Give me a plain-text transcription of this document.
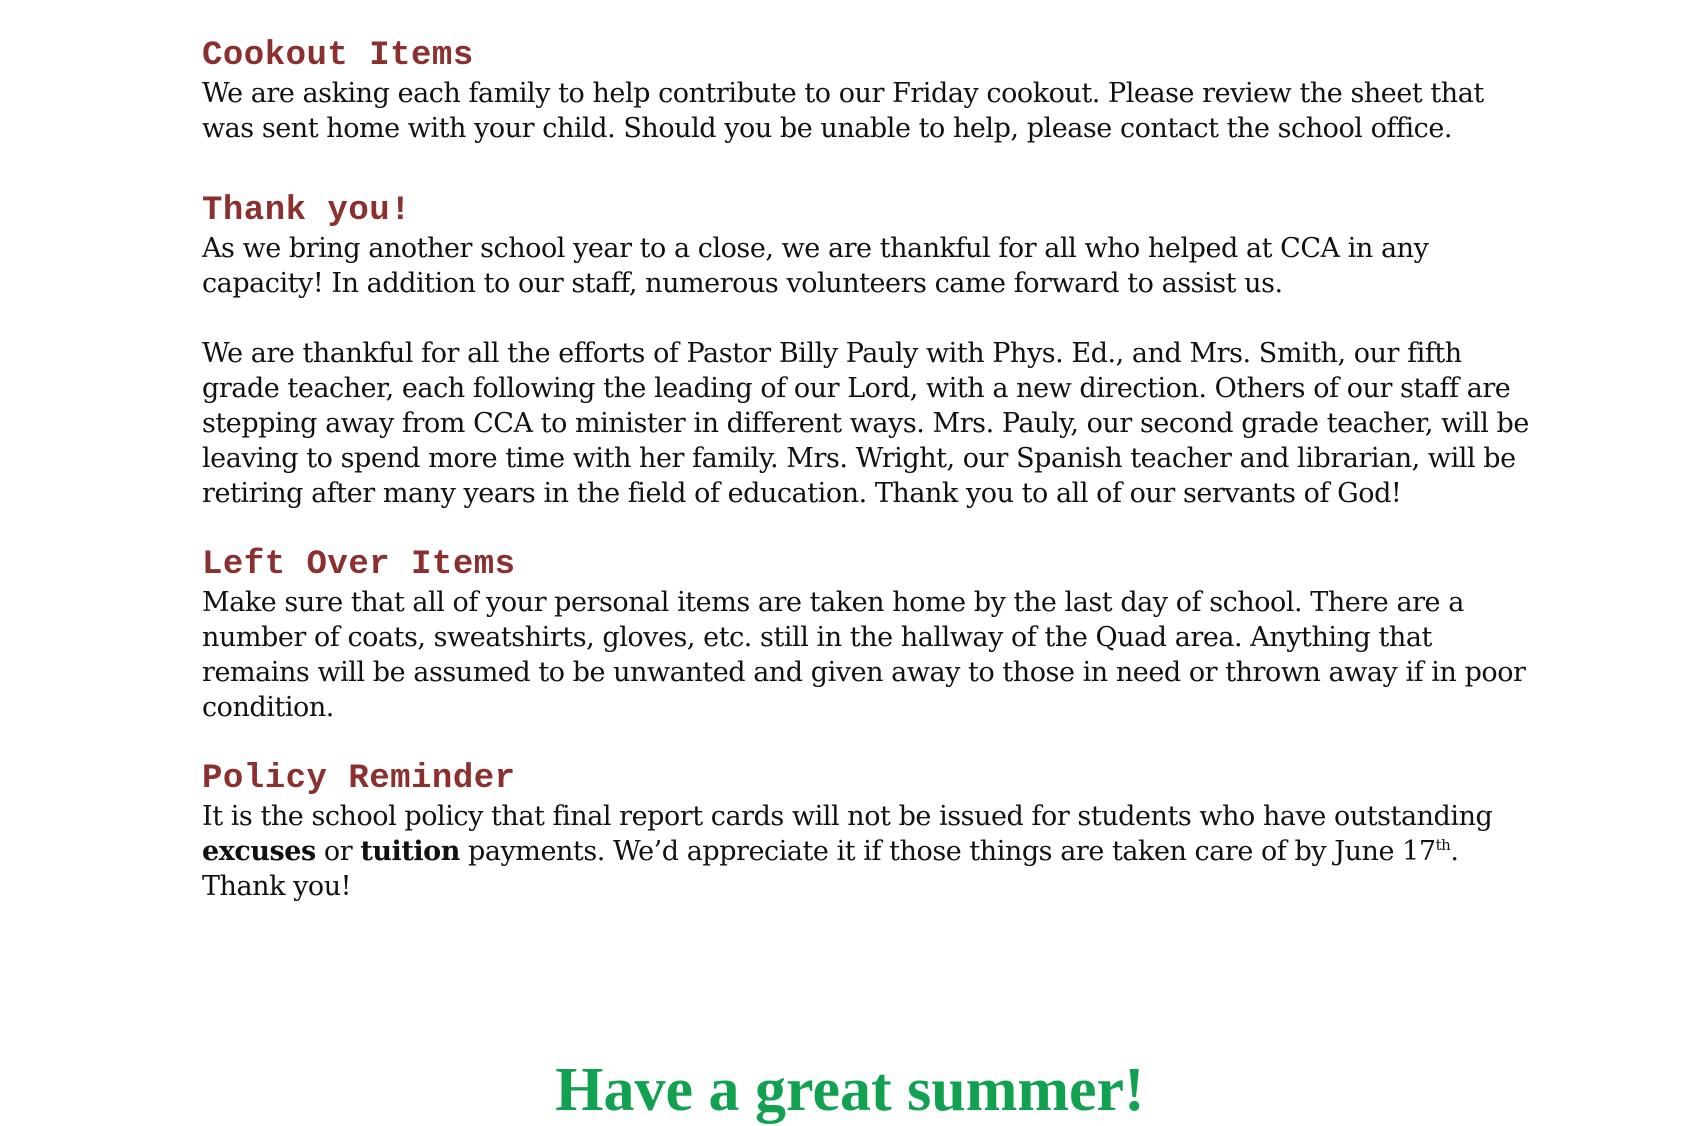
Cookout Items

We are asking each family to help contribute to our Friday cookout. Please review the sheet that was sent home with your child. Should you be unable to help, please contact the school office.

Thank you!

As we bring another school year to a close, we are thankful for all who helped at CCA in any capacity! In addition to our staff, numerous volunteers came forward to assist us.

We are thankful for all the efforts of Pastor Billy Pauly with Phys. Ed., and Mrs. Smith, our fifth grade teacher, each following the leading of our Lord, with a new direction. Others of our staff are stepping away from CCA to minister in different ways. Mrs. Pauly, our second grade teacher, will be leaving to spend more time with her family. Mrs. Wright, our Spanish teacher and librarian, will be retiring after many years in the field of education. Thank you to all of our servants of God!

Left Over Items

Make sure that all of your personal items are taken home by the last day of school. There are a number of coats, sweatshirts, gloves, etc. still in the hallway of the Quad area. Anything that remains will be assumed to be unwanted and given away to those in need or thrown away if in poor condition.

Policy Reminder

It is the school policy that final report cards will not be issued for students who have outstanding excuses or tuition payments. We’d appreciate it if those things are taken care of by June 17th.
Thank you!

Have a great summer!
